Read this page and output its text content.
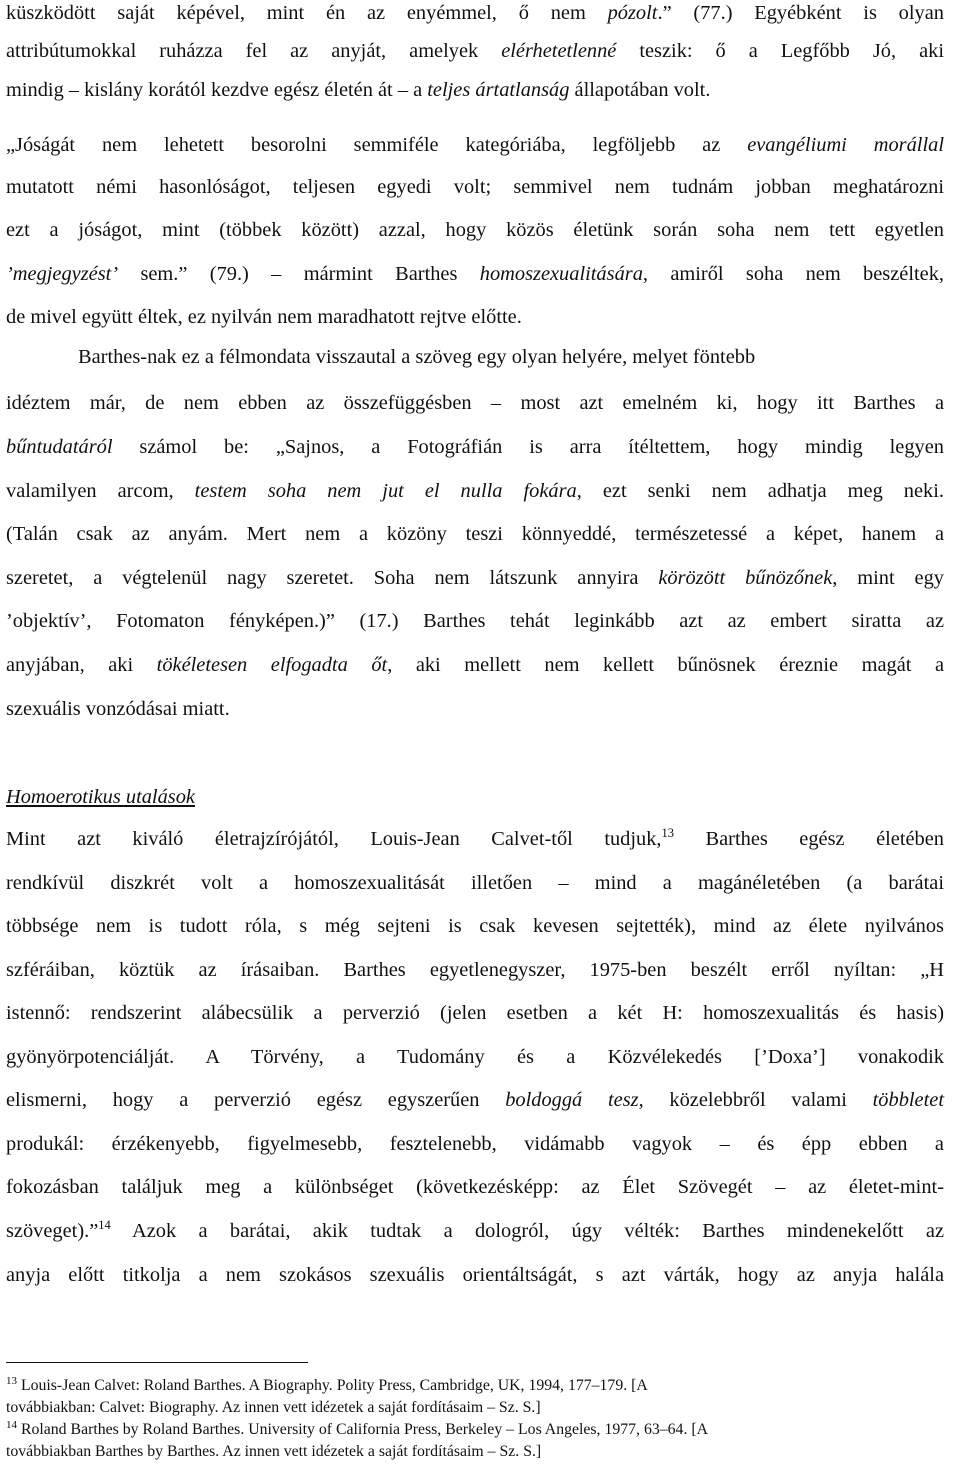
küszködött saját képével, mint én az enyémmel, ő nem pózolt.” (77.) Egyébként is olyan
attribútumokkal ruházza fel az anyját, amelyek elérhetetlenné teszik: ő a Legfőbb Jó, aki
mindig – kislány korától kezdve egész életén át – a teljes ártatlanság állapotában volt.
„Jóságát nem lehetett besorolni semmiféle kategóriába, legföljebb az evangéliumi morállal
mutatott némi hasonlóságot, teljesen egyedi volt; semmivel nem tudnám jobban meghatározni
ezt a jóságot, mint (többek között) azzal, hogy közös életünk során soha nem tett egyetlen
’megjegyzést’ sem.” (79.) – mármint Barthes homoszexualitására, amiről soha nem beszéltek,
de mivel együtt éltek, ez nyilván nem maradhatott rejtve előtte.
Barthes-nak ez a félmondata visszautal a szöveg egy olyan helyére, melyet föntebb
idéztem már, de nem ebben az összefüggésben – most azt emelném ki, hogy itt Barthes a
bűntudatáról számol be: „Sajnos, a Fotográfián is arra ítéltettem, hogy mindig legyen
valamilyen arcom, testem soha nem jut el nulla fokára, ezt senki nem adhatja meg neki.
(Talán csak az anyám. Mert nem a közöny teszi könnyeddé, természetessé a képet, hanem a
szeretet, a végtelenül nagy szeretet. Soha nem látszunk annyira körözött bűnözőnek, mint egy
’objektív’, Fotomaton fényképen.)” (17.) Barthes tehát leginkább azt az embert siratta az
anyjában, aki tökéletesen elfogadta őt, aki mellett nem kellett bűnösnek éreznie magát a
szexuális vonzódásai miatt.
Homoerotikus utalások
Mint azt kiváló életrajzírójától, Louis-Jean Calvet-től tudjuk,$^{13}$ Barthes egész életében
rendkívül diszkrét volt a homoszexualitását illetően – mind a magánéletében (a barátai
többsége nem is tudott róla, s még sejteni is csak kevesen sejtették), mind az élete nyilvános
szféráiban, köztük az írásaiban. Barthes egyetlenegyszer, 1975-ben beszélt erről nyíltan: „H
istennő: rendszerint alábecsülik a perverzió (jelen esetben a két H: homoszexualitás és hasis)
gyönyörpotenciálját. A Törvény, a Tudomány és a Közvélekedés [’Doxa’] vonakodik
elismerni, hogy a perverzió egész egyszerűen boldoggá tesz, közelebbről valami többletet
produkál: érzékenyebb, figyelmesebb, fesztelenebb, vidámabb vagyok – és épp ebben a
fokozásban találjuk meg a különbséget (következésképp: az Élet Szövegét – az életet-mint-
szöveget).”$^{14}$ Azok a barátai, akik tudtak a dologról, úgy vélték: Barthes mindenekelőtt az
anyja előtt titkolja a nem szokásos szexuális orientáltságát, s azt várták, hogy az anyja halála
$^{13}$ Louis-Jean Calvet: Roland Barthes. A Biography. Polity Press, Cambridge, UK, 1994, 177–179. [A
továbbiakban: Calvet: Biography. Az innen vett idézetek a saját fordításaim – Sz. S.]
$^{14}$ Roland Barthes by Roland Barthes. University of California Press, Berkeley – Los Angeles, 1977, 63–64. [A
továbbiakban Barthes by Barthes. Az innen vett idézetek a saját fordításaim – Sz. S.]
